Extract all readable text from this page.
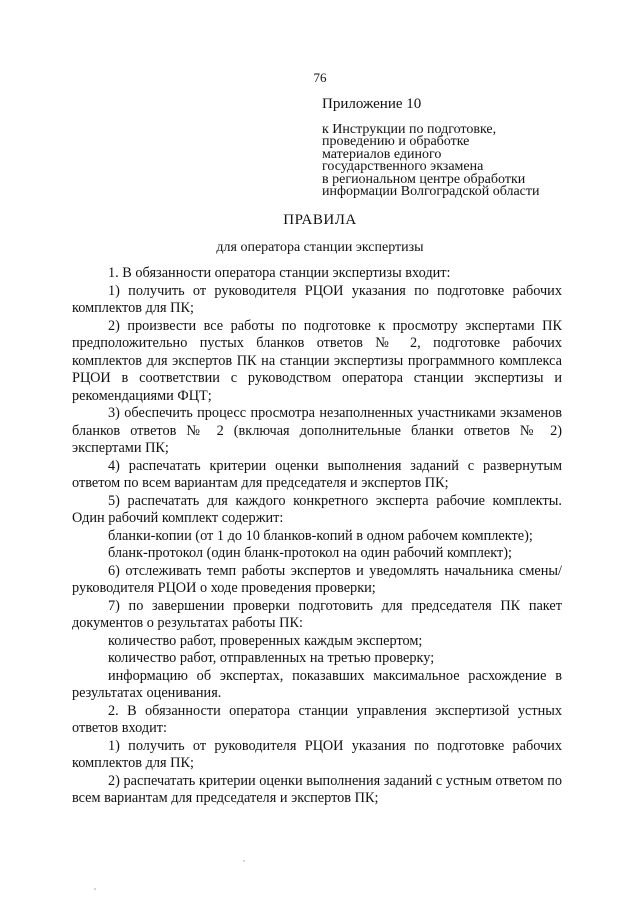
76
Приложение 10
к Инструкции по подготовке,
проведению и обработке
материалов единого
государственного экзамена
в региональном центре обработки
информации Волгоградской области
ПРАВИЛА
для оператора станции экспертизы

1. В обязанности оператора станции экспертизы входит:

1) получить от руководителя РЦОИ указания по подготовке рабочих комплектов для ПК;

2) произвести все работы по подготовке к просмотру экспертами ПК предположительно пустых бланков ответов № 2, подготовке рабочих комплектов для экспертов ПК на станции экспертизы программного комплекса РЦОИ в соответствии с руководством оператора станции экспертизы и рекомендациями ФЦТ;

3) обеспечить процесс просмотра незаполненных участниками экзаменов бланков ответов № 2 (включая дополнительные бланки ответов № 2) экспертами ПК;

4) распечатать критерии оценки выполнения заданий с развернутым ответом по всем вариантам для председателя и экспертов ПК;

5) распечатать для каждого конкретного эксперта рабочие комплекты. Один рабочий комплект содержит:

бланки-копии (от 1 до 10 бланков-копий в одном рабочем комплекте);

бланк-протокол (один бланк-протокол на один рабочий комплект);

6) отслеживать темп работы экспертов и уведомлять начальника смены/руководителя РЦОИ о ходе проведения проверки;

7) по завершении проверки подготовить для председателя ПК пакет документов о результатах работы ПК:

количество работ, проверенных каждым экспертом;

количество работ, отправленных на третью проверку;

информацию об экспертах, показавших максимальное расхождение в результатах оценивания.

2. В обязанности оператора станции управления экспертизой устных ответов входит:

1) получить от руководителя РЦОИ указания по подготовке рабочих комплектов для ПК;

2) распечатать критерии оценки выполнения заданий с устным ответом по всем вариантам для председателя и экспертов ПК;
